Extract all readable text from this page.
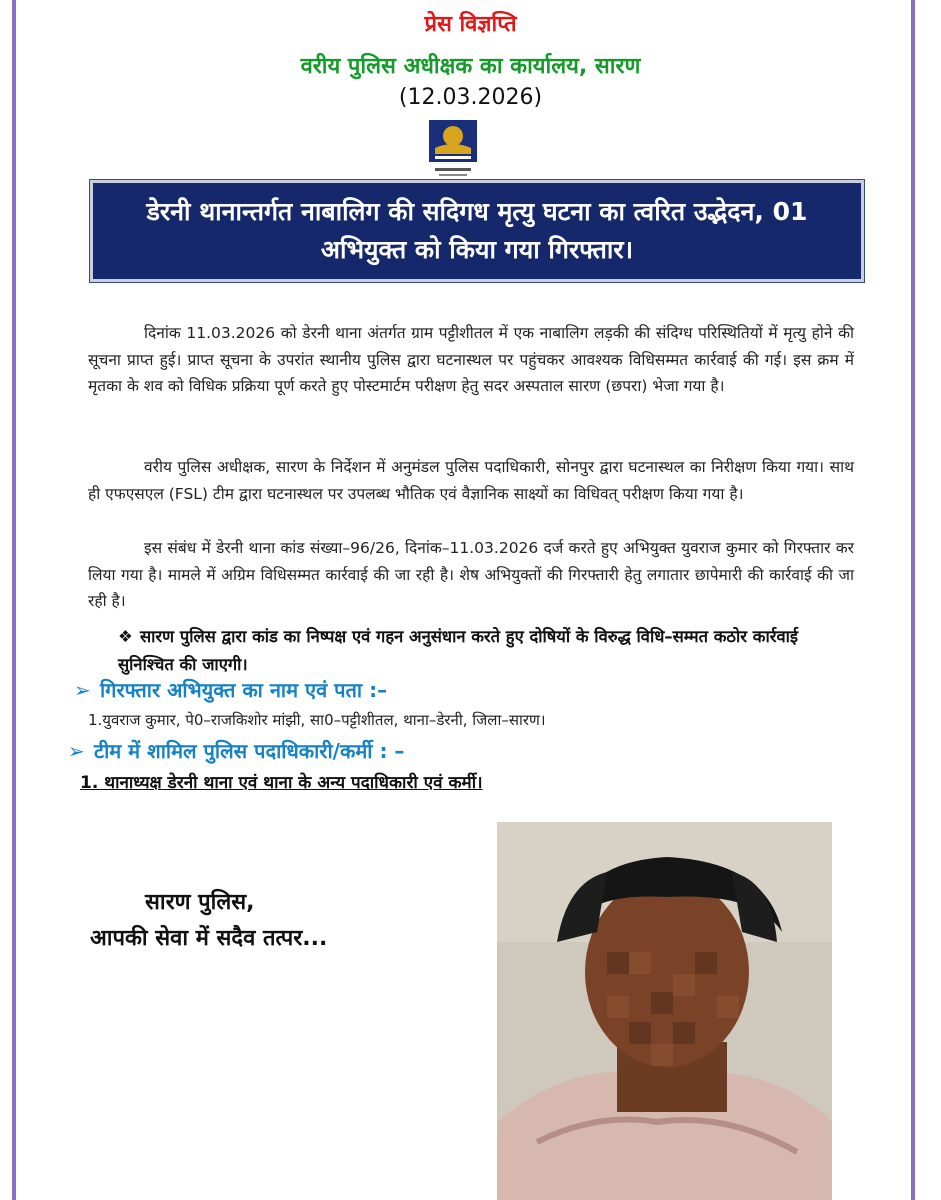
प्रेस विज्ञप्ति
वरीय पुलिस अधीक्षक का कार्यालय, सारण
(12.03.2026)
डेरनी थानान्तर्गत नाबालिग की सदिगध मृत्यु घटना का त्वरित उद्भेदन, 01 अभियुक्त को किया गया गिरफ्तार।
दिनांक 11.03.2026 को डेरनी थाना अंतर्गत ग्राम पट्टीशीतल में एक नाबालिग लड़की की संदिग्ध परिस्थितियों में मृत्यु होने की सूचना प्राप्त हुई। प्राप्त सूचना के उपरांत स्थानीय पुलिस द्वारा घटनास्थल पर पहुंचकर आवश्यक विधिसम्मत कार्रवाई की गई। इस क्रम में मृतका के शव को विधिक प्रक्रिया पूर्ण करते हुए पोस्टमार्टम परीक्षण हेतु सदर अस्पताल सारण (छपरा) भेजा गया है।
वरीय पुलिस अधीक्षक, सारण के निर्देशन में अनुमंडल पुलिस पदाधिकारी, सोनपुर द्वारा घटनास्थल का निरीक्षण किया गया। साथ ही एफएसएल (FSL) टीम द्वारा घटनास्थल पर उपलब्ध भौतिक एवं वैज्ञानिक साक्ष्यों का विधिवत् परीक्षण किया गया है।
इस संबंध में डेरनी थाना कांड संख्या–96/26, दिनांक–11.03.2026 दर्ज करते हुए अभियुक्त युवराज कुमार को गिरफ्तार कर लिया गया है। मामले में अग्रिम विधिसम्मत कार्रवाई की जा रही है। शेष अभियुक्तों की गिरफ्तारी हेतु लगातार छापेमारी की कार्रवाई की जा रही है।
❖ सारण पुलिस द्वारा कांड का निष्पक्ष एवं गहन अनुसंधान करते हुए दोषियों के विरुद्ध विधि–सम्मत कठोर कार्रवाई सुनिश्चित की जाएगी।
➢ गिरफ्तार अभियुक्त का नाम एवं पता :–
1.युवराज कुमार, पे0–राजकिशोर मांझी, सा0–पट्टीशीतल, थाना–डेरनी, जिला–सारण।
➢ टीम में शामिल पुलिस पदाधिकारी/कर्मी : –
1. थानाध्यक्ष डेरनी थाना एवं थाना के अन्य पदाधिकारी एवं कर्मी।
सारण पुलिस,
आपकी सेवा में सदैव तत्पर...
